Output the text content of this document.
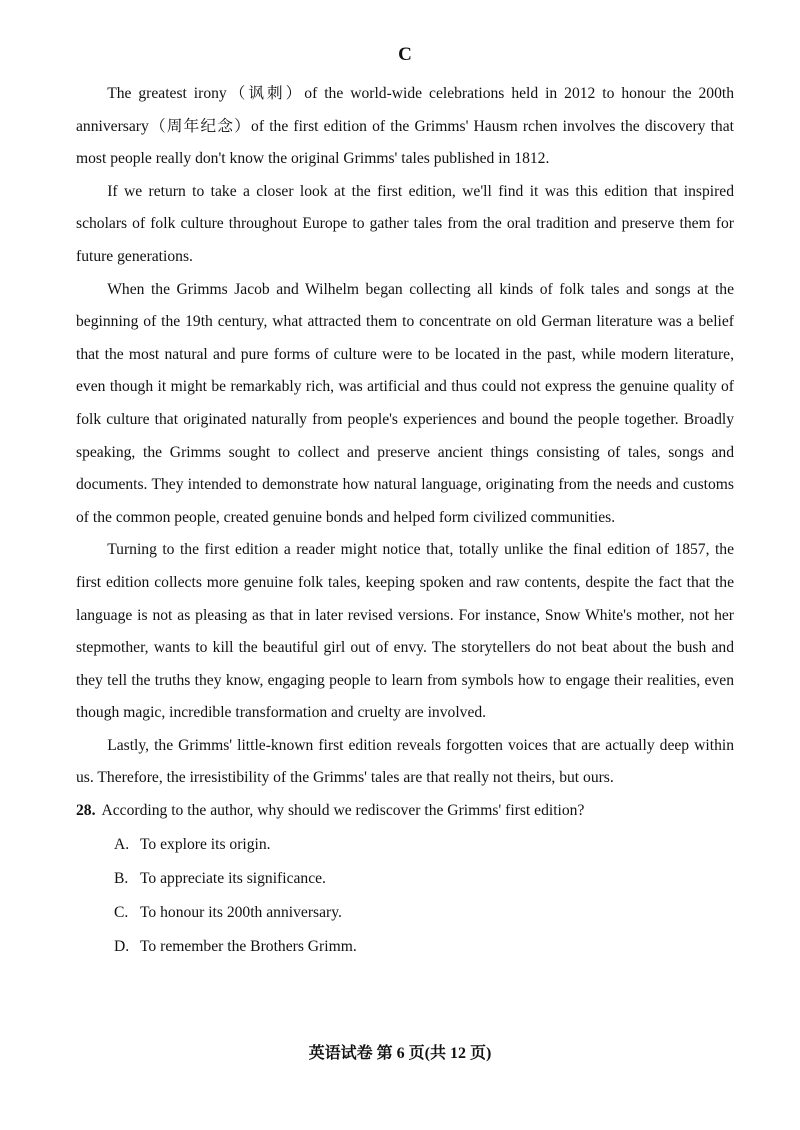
C

The greatest irony（讽刺）of the world-wide celebrations held in 2012 to honour the 200th anniversary（周年纪念）of the first edition of the Grimms' Hausm rchen involves the discovery that most people really don't know the original Grimms' tales published in 1812.

If we return to take a closer look at the first edition, we'll find it was this edition that inspired scholars of folk culture throughout Europe to gather tales from the oral tradition and preserve them for future generations.

When the Grimms Jacob and Wilhelm began collecting all kinds of folk tales and songs at the beginning of the 19th century, what attracted them to concentrate on old German literature was a belief that the most natural and pure forms of culture were to be located in the past, while modern literature, even though it might be remarkably rich, was artificial and thus could not express the genuine quality of folk culture that originated naturally from people's experiences and bound the people together. Broadly speaking, the Grimms sought to collect and preserve ancient things consisting of tales, songs and documents. They intended to demonstrate how natural language, originating from the needs and customs of the common people, created genuine bonds and helped form civilized communities.

Turning to the first edition a reader might notice that, totally unlike the final edition of 1857, the first edition collects more genuine folk tales, keeping spoken and raw contents, despite the fact that the language is not as pleasing as that in later revised versions. For instance, Snow White's mother, not her stepmother, wants to kill the beautiful girl out of envy. The storytellers do not beat about the bush and they tell the truths they know, engaging people to learn from symbols how to engage their realities, even though magic, incredible transformation and cruelty are involved.

Lastly, the Grimms' little-known first edition reveals forgotten voices that are actually deep within us. Therefore, the irresistibility of the Grimms' tales are that really not theirs, but ours.

28. According to the author, why should we rediscover the Grimms' first edition?

A. To explore its origin.
B. To appreciate its significance.
C. To honour its 200th anniversary.
D. To remember the Brothers Grimm.
英语试卷 第 6 页(共 12 页)
